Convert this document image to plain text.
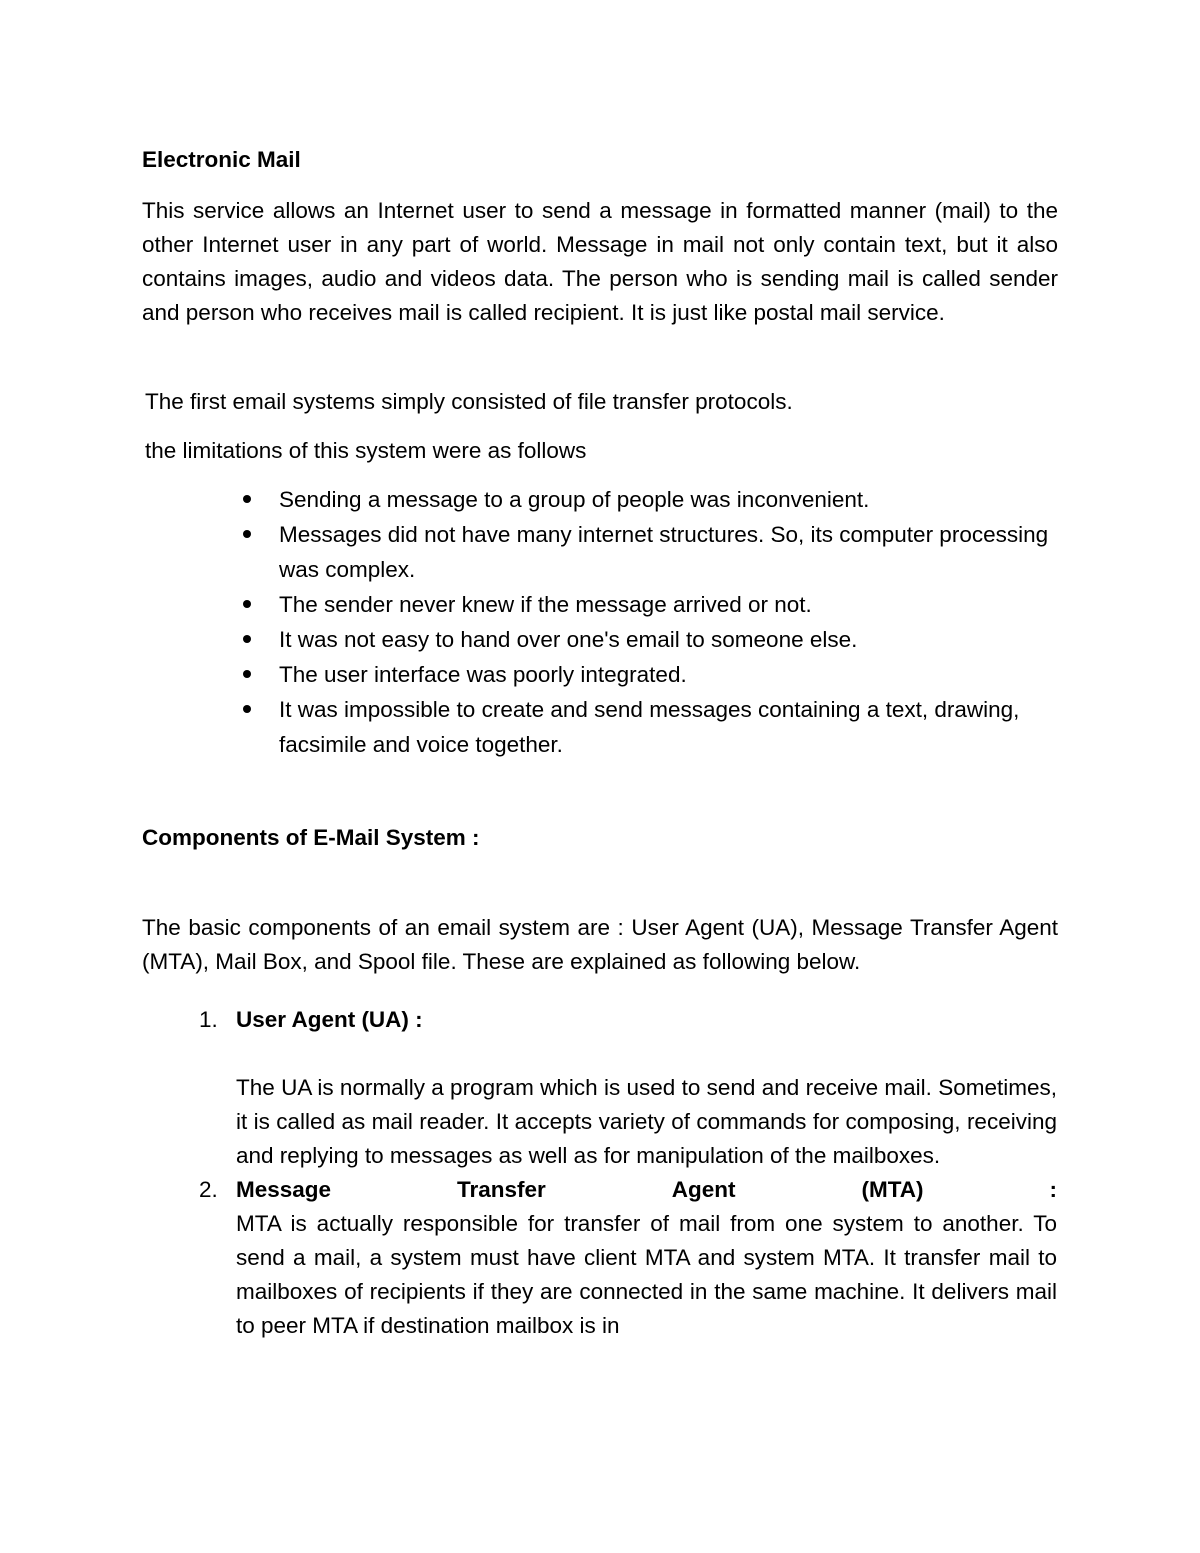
Electronic Mail

This service allows an Internet user to send a message in formatted manner (mail) to the other Internet user in any part of world. Message in mail not only contain text, but it also contains images, audio and videos data. The person who is sending mail is called sender and person who receives mail is called recipient. It is just like postal mail service.

The first email systems simply consisted of file transfer protocols.

the limitations of this system were as follows

Sending a message to a group of people was inconvenient.
Messages did not have many internet structures. So, its computer processing was complex.
The sender never knew if the message arrived or not.
It was not easy to hand over one's email to someone else.
The user interface was poorly integrated.
It was impossible to create and send messages containing a text, drawing, facsimile and voice together.

Components of E-Mail System :

The basic components of an email system are : User Agent (UA), Message Transfer Agent (MTA), Mail Box, and Spool file. These are explained as following below.

1. User Agent (UA) :
The UA is normally a program which is used to send and receive mail. Sometimes, it is called as mail reader. It accepts variety of commands for composing, receiving and replying to messages as well as for manipulation of the mailboxes.
2. Message	Transfer	Agent	(MTA)	:
MTA is actually responsible for transfer of mail from one system to another. To send a mail, a system must have client MTA and system MTA. It transfer mail to mailboxes of recipients if they are connected in the same machine. It delivers mail to peer MTA if destination mailbox is in
